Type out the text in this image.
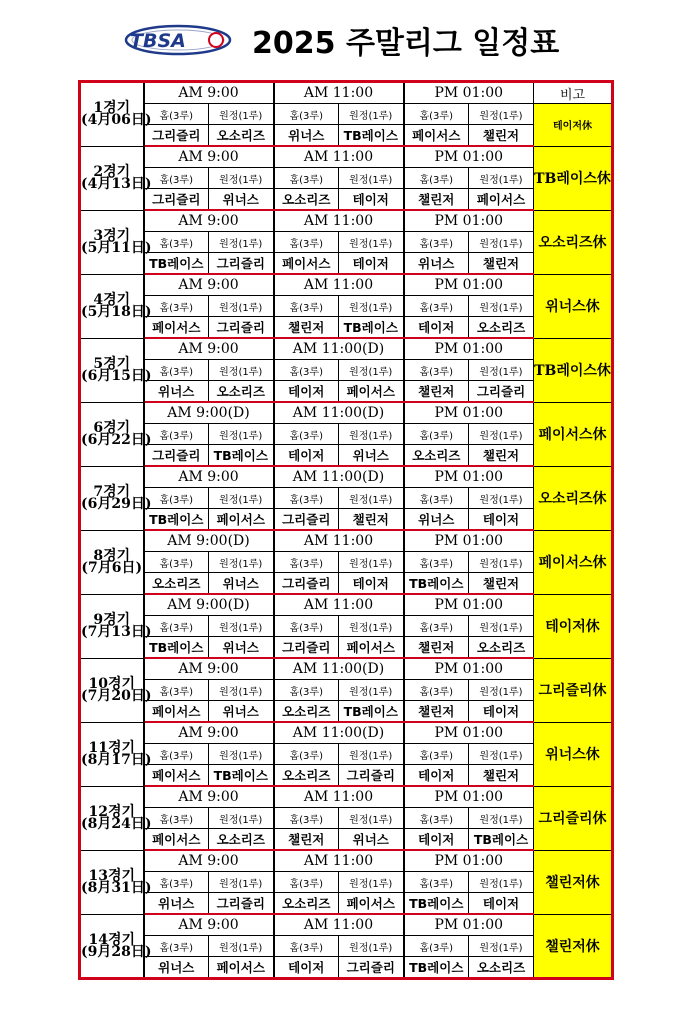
TBSA 2025 주말리그 일정표
1경기
(4月06日)	AM 9:00		AM 11:00		PM 01:00		비고
	홈(3루)	원정(1루)	홈(3루)	원정(1루)	홈(3루)	원정(1루)	테이저休
	그리즐리	오소리즈	위너스	TB레이스	페이서스	챌린저	

2경기
(4月13日)	AM 9:00		AM 11:00		PM 01:00		TB레이스休
	홈(3루)	원정(1루)	홈(3루)	원정(1루)	홈(3루)	원정(1루)	
	그리즐리	위너스	오소리즈	테이저	챌린저	페이서스	

3경기
(5月11日)	AM 9:00		AM 11:00		PM 01:00		오소리즈休
	홈(3루)	원정(1루)	홈(3루)	원정(1루)	홈(3루)	원정(1루)	
	TB레이스	그리즐리	페이서스	테이저	위너스	챌린저	

4경기
(5月18日)	AM 9:00		AM 11:00		PM 01:00		위너스休
	홈(3루)	원정(1루)	홈(3루)	원정(1루)	홈(3루)	원정(1루)	
	페이서스	그리즐리	챌린저	TB레이스	테이저	오소리즈	

5경기
(6月15日)	AM 9:00		AM 11:00(D)		PM 01:00		TB레이스休
	홈(3루)	원정(1루)	홈(3루)	원정(1루)	홈(3루)	원정(1루)	
	위너스	오소리즈	테이저	페이서스	챌린저	그리즐리	

6경기
(6月22日)	AM 9:00(D)		AM 11:00(D)		PM 01:00		페이서스休
	홈(3루)	원정(1루)	홈(3루)	원정(1루)	홈(3루)	원정(1루)	
	그리즐리	TB레이스	테이저	위너스	오소리즈	챌린저	

7경기
(6月29日)	AM 9:00		AM 11:00(D)		PM 01:00		오소리즈休
	홈(3루)	원정(1루)	홈(3루)	원정(1루)	홈(3루)	원정(1루)	
	TB레이스	페이서스	그리즐리	챌린저	위너스	테이저	

8경기
(7月6日)	AM 9:00(D)		AM 11:00		PM 01:00		페이서스休
	홈(3루)	원정(1루)	홈(3루)	원정(1루)	홈(3루)	원정(1루)	
	오소리즈	위너스	그리즐리	테이저	TB레이스	챌린저	

9경기
(7月13日)	AM 9:00(D)		AM 11:00		PM 01:00		테이저休
	홈(3루)	원정(1루)	홈(3루)	원정(1루)	홈(3루)	원정(1루)	
	TB레이스	위너스	그리즐리	페이서스	챌린저	오소리즈	

10경기
(7月20日)	AM 9:00		AM 11:00(D)		PM 01:00		그리즐리休
	홈(3루)	원정(1루)	홈(3루)	원정(1루)	홈(3루)	원정(1루)	
	페이서스	위너스	오소리즈	TB레이스	챌린저	테이저	

11경기
(8月17日)	AM 9:00		AM 11:00(D)		PM 01:00		위너스休
	홈(3루)	원정(1루)	홈(3루)	원정(1루)	홈(3루)	원정(1루)	
	페이서스	TB레이스	오소리즈	그리즐리	테이저	챌린저	

12경기
(8月24日)	AM 9:00		AM 11:00		PM 01:00		그리즐리休
	홈(3루)	원정(1루)	홈(3루)	원정(1루)	홈(3루)	원정(1루)	
	페이서스	오소리즈	챌린저	위너스	테이저	TB레이스	

13경기
(8月31日)	AM 9:00		AM 11:00		PM 01:00		챌린저休
	홈(3루)	원정(1루)	홈(3루)	원정(1루)	홈(3루)	원정(1루)	
	위너스	그리즐리	오소리즈	페이서스	TB레이스	테이저	

14경기
(9月28日)	AM 9:00		AM 11:00		PM 01:00		챌린저休
	홈(3루)	원정(1루)	홈(3루)	원정(1루)	홈(3루)	원정(1루)	
	위너스	페이서스	테이저	그리즐리	TB레이스	오소리즈	
